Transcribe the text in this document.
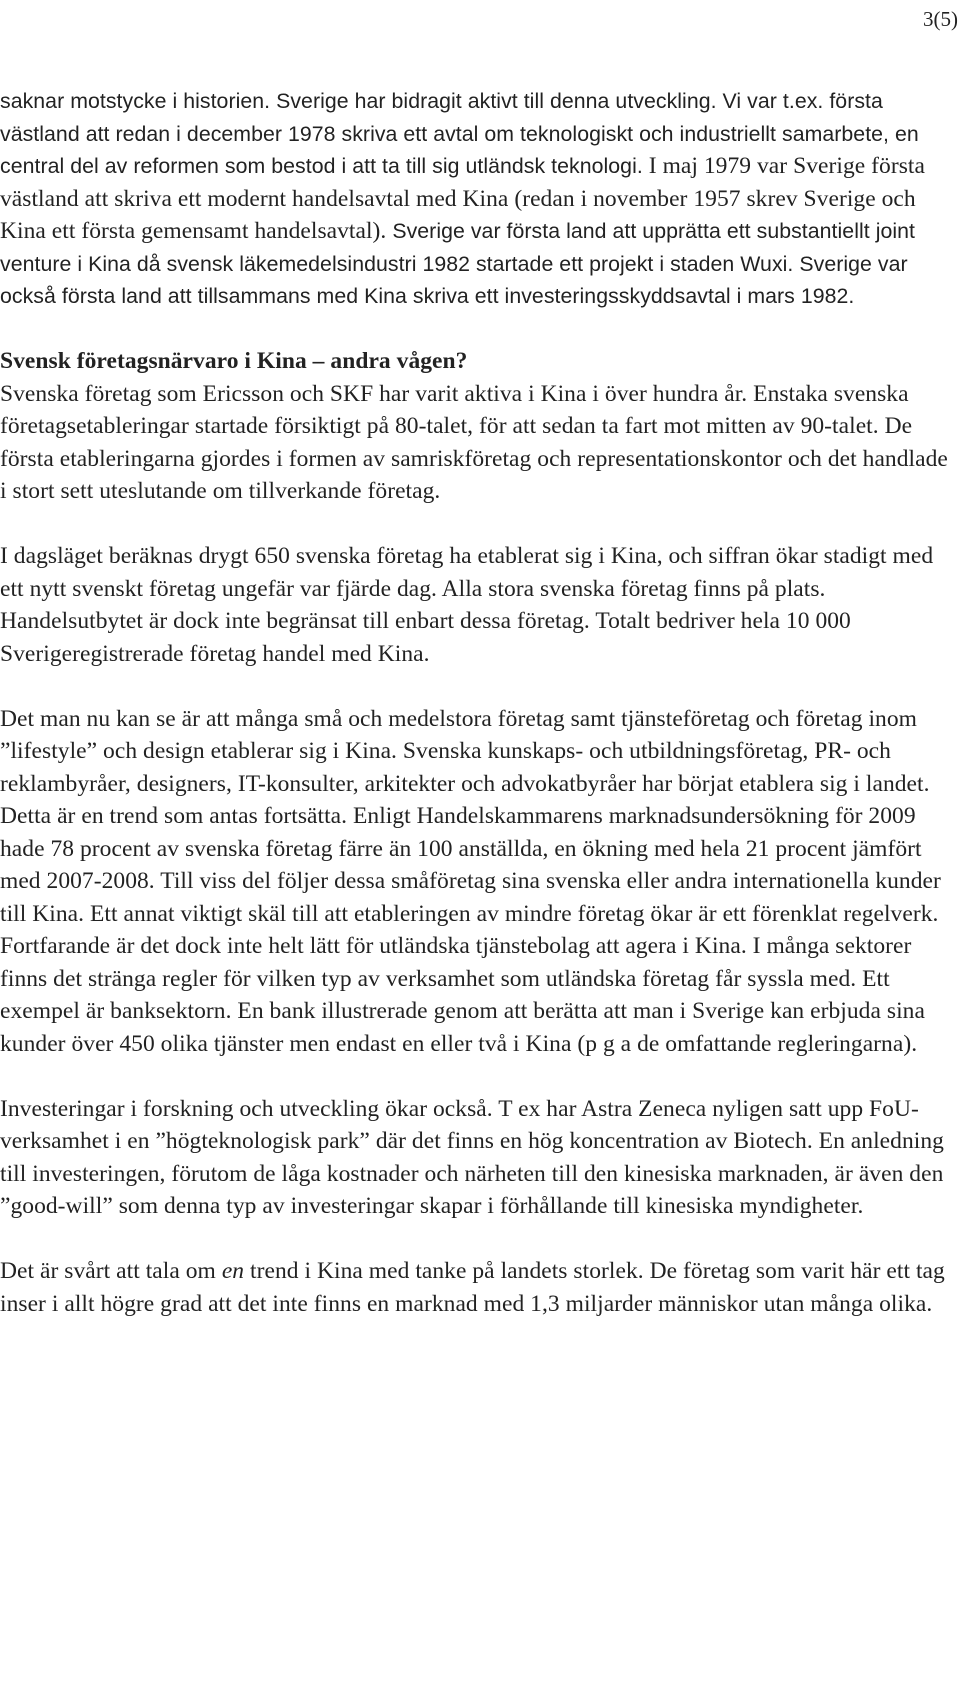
3(5)

saknar motstycke i historien. Sverige har bidragit aktivt till denna utveckling. Vi var t.ex. första västland att redan i december 1978 skriva ett avtal om teknologiskt och industriellt samarbete, en central del av reformen som bestod i att ta till sig utländsk teknologi. I maj 1979 var Sverige första västland att skriva ett modernt handelsavtal med Kina (redan i november 1957 skrev Sverige och Kina ett första gemensamt handelsavtal). Sverige var första land att upprätta ett substantiellt joint venture i Kina då svensk läkemedelsindustri 1982 startade ett projekt i staden Wuxi. Sverige var också första land att tillsammans med Kina skriva ett investeringsskyddsavtal i mars 1982.

Svensk företagsnärvaro i Kina – andra vågen?

Svenska företag som Ericsson och SKF har varit aktiva i Kina i över hundra år. Enstaka svenska företagsetableringar startade försiktigt på 80-talet, för att sedan ta fart mot mitten av 90-talet. De första etableringarna gjordes i formen av samriskföretag och representationskontor och det handlade i stort sett uteslutande om tillverkande företag.

I dagsläget beräknas drygt 650 svenska företag ha etablerat sig i Kina, och siffran ökar stadigt med ett nytt svenskt företag ungefär var fjärde dag. Alla stora svenska företag finns på plats. Handelsutbytet är dock inte begränsat till enbart dessa företag. Totalt bedriver hela 10 000 Sverigeregistrerade företag handel med Kina.

Det man nu kan se är att många små och medelstora företag samt tjänsteföretag och företag inom ”lifestyle” och design etablerar sig i Kina. Svenska kunskaps- och utbildningsföretag, PR- och reklambyråer, designers, IT-konsulter, arkitekter och advokatbyråer har börjat etablera sig i landet. Detta är en trend som antas fortsätta. Enligt Handelskammarens marknadsundersökning för 2009 hade 78 procent av svenska företag färre än 100 anställda, en ökning med hela 21 procent jämfört med 2007-2008. Till viss del följer dessa småföretag sina svenska eller andra internationella kunder till Kina. Ett annat viktigt skäl till att etableringen av mindre företag ökar är ett förenklat regelverk. Fortfarande är det dock inte helt lätt för utländska tjänstebolag att agera i Kina. I många sektorer finns det stränga regler för vilken typ av verksamhet som utländska företag får syssla med. Ett exempel är banksektorn. En bank illustrerade genom att berätta att man i Sverige kan erbjuda sina kunder över 450 olika tjänster men endast en eller två i Kina (p g a de omfattande regleringarna).

Investeringar i forskning och utveckling ökar också. T ex har Astra Zeneca nyligen satt upp FoU-verksamhet i en ”högteknologisk park” där det finns en hög koncentration av Biotech. En anledning till investeringen, förutom de låga kostnader och närheten till den kinesiska marknaden, är även den ”good-will” som denna typ av investeringar skapar i förhållande till kinesiska myndigheter.

Det är svårt att tala om en trend i Kina med tanke på landets storlek. De företag som varit här ett tag inser i allt högre grad att det inte finns en marknad med 1,3 miljarder människor utan många olika.
